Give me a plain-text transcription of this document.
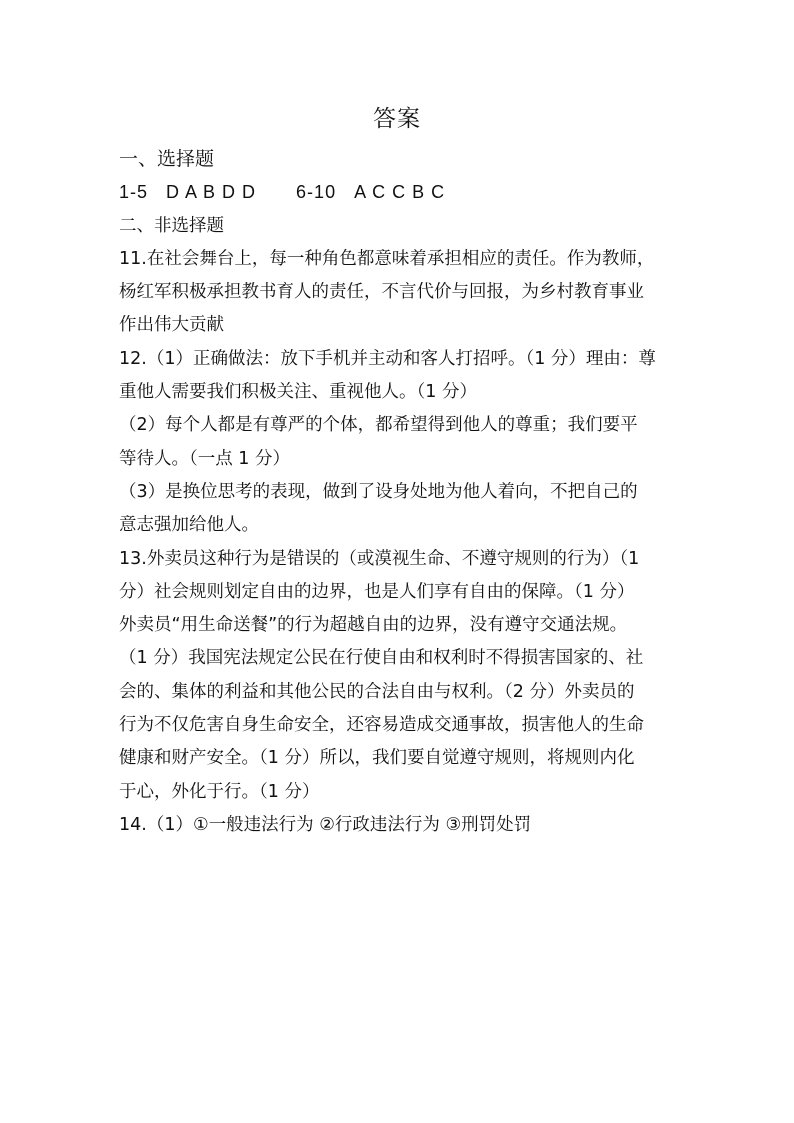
答案
一、选择题
1-5 D A B D D 6-10 A C C B C
二、非选择题
11.在社会舞台上，每一种角色都意味着承担相应的责任。作为教师，
杨红军积极承担教书育人的责任，不言代价与回报，为乡村教育事业
作出伟大贡献
12.（1）正确做法：放下手机并主动和客人打招呼。（1 分）理由：尊
重他人需要我们积极关注、重视他人。（1 分）
（2）每个人都是有尊严的个体，都希望得到他人的尊重；我们要平
等待人。（一点 1 分）
（3）是换位思考的表现，做到了设身处地为他人着向，不把自己的
意志强加给他人。
13.外卖员这种行为是错误的（或漠视生命、不遵守规则的行为）（1
分）社会规则划定自由的边界，也是人们享有自由的保障。（1 分）
外卖员“用生命送餐”的行为超越自由的边界，没有遵守交通法规。
（1 分）我国宪法规定公民在行使自由和权利时不得损害国家的、社
会的、集体的利益和其他公民的合法自由与权利。（2 分）外卖员的
行为不仅危害自身生命安全，还容易造成交通事故，损害他人的生命
健康和财产安全。（1 分）所以，我们要自觉遵守规则，将规则内化
于心，外化于行。（1 分）
14.（1）①一般违法行为 ②行政违法行为 ③刑罚处罚
